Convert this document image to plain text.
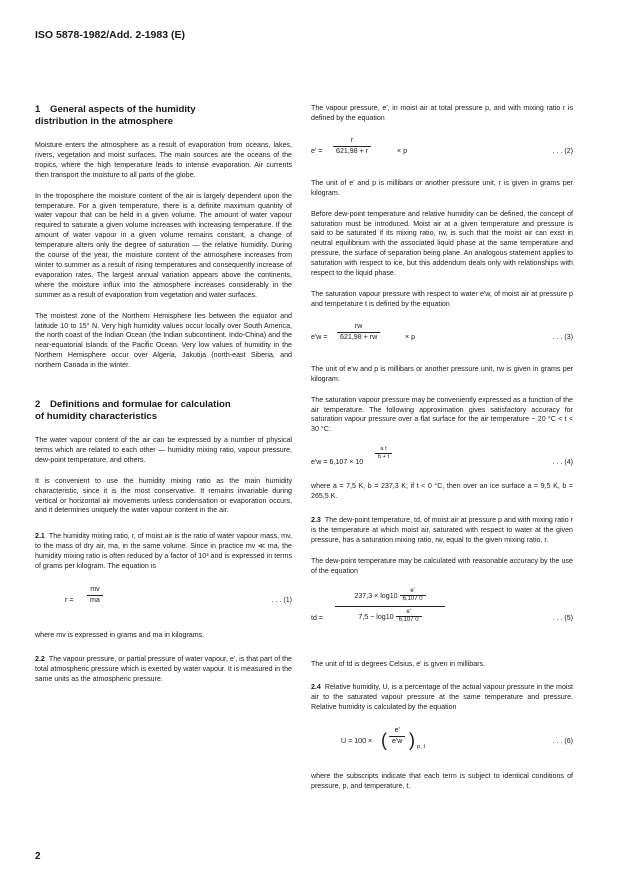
ISO 5878-1982/Add. 2-1983 (E)
1 General aspects of the humidity
distribution in the atmosphere

Moisture enters the atmosphere as a result of evaporation from oceans, lakes, rivers, vegetation and moist surfaces. The main sources are the oceans of the tropics, where the high temperature leads to intense evaporation. Air currents then transport the moisture to all parts of the globe.

In the troposphere the moisture content of the air is largely dependent upon the temperature. For a given temperature, there is a definite maximum quantity of water vapour that can be held in a given volume. The amount of water vapour required to saturate a given volume increases with increasing temperature. If the amount of water vapour in a given volume remains constant, a change of temperature alters only the degree of saturation — the relative humidity. During the course of the year, the moisture content of the atmosphere increases from winter to summer as a result of rising temperatures and consequently increase of evaporation rates. The largest annual variation appears above the continents, where the moisture influx into the atmosphere increases considerably in the summer as a result of evaporation from vegetation and water surfaces.

The moistest zone of the Northern Hemisphere lies between the equator and latitude 10 to 15° N. Very high humidity values occur locally over South America, the north coast of the Indian Ocean (the Indian subcontinent, Indo-China) and the near-equatorial islands of the Pacific Ocean. Very low values of humidity in the Northern Hemisphere occur over Algeria, Jakutija (north-east Siberia, and northern Canada in the winter.

2 Definitions and formulae for calculation
of humidity characteristics

The water vapour content of the air can be expressed by a number of physical terms which are related to each other — humidity mixing ratio, vapour pressure, dew-point temperature, and others.

It is convenient to use the humidity mixing ratio as the main humidity characteristic, since it is the most conservative. It remains invariable during vertical or horizontal air movements unless condensation or evaporation occurs, and it determines uniquely the water vapour content in the air.

2.1 The humidity mixing ratio, r, of moist air is the ratio of water vapour mass, mv, to the mass of dry air, ma, in the same volume. Since in practice mv ≪ ma, the humidity mixing ratio is often reduced by a factor of 10³ and is expressed in terms of grams per kilogram. The equation is

$r = \frac{mv}{ma}$	. . . (1)

where mv is expressed in grams and ma in kilograms.

2.2 The vapour pressure, or partial pressure of water vapour, e', is that part of the total atmospheric pressure which is exerted by water vapour. It is measured in the same units as the atmospheric pressure.

The vapour pressure, e', in moist air at total pressure p, and with mixing ratio r is defined by the equation

$e' = \frac{r}{621,98 + r}$	× p	. . . (2)

The unit of e' and p is millibars or another pressure unit, r is given in grams per kilogram.

Before dew-point temperature and relative humidity can be defined, the concept of saturation must be introduced. Moist air at a given temperature and pressure is said to be saturated if its mixing ratio, rw, is such that the moist air can exist in neutral equilibrium with the associated liquid phase at the same temperature and pressure, the surface of separation being plane. An analogous statement applies to saturation with respect to ice, but this addendum deals only with relationships with respect to the liquid phase.

The saturation vapour pressure with respect to water e'w, of moist air at pressure p and temperature t is defined by the equation

$e'w = \frac{rw}{621,98 + rw}$	× p	. . . (3)

The unit of e'w and p is millibars or another pressure unit, rw is given in grams per kilogram.

The saturation vapour pressure may be conveniently expressed as a function of the air temperature. The following approximation gives satisfactory accuracy for saturation vapour pressure over a flat surface for the air temperature − 20 °C < t < 30 °C:

e'w = 6,107 × 10
$\frac{\text{a t}}{b + t}$
. . . (4)

where a = 7,5 K, b = 237,3 K; if t < 0 °C, then over an ice surface a = 9,5 K, b = 265,5 K.

2.3 The dew-point temperature, td, of moist air at pressure p and with mixing ratio r is the temperature at which moist air, saturated with respect to water at the given pressure, has a saturation mixing ratio, rw, equal to the given mixing ratio, r.

The dew-point temperature may be calculated with reasonable accuracy by the use of the equation

td =
$237,3 \times \log 10 \frac{e'}{6,107 0}$
$7,5 - \log 10 \frac{e'}{6,107 0}$	. . . (5)

The unit of td is degrees Celsius, e' is given in millibars.

2.4 Relative humidity, U, is a percentage of the actual vapour pressure in the moist air to the saturated vapour pressure at the same temperature and pressure. Relative humidity is calculated by the equation

U = 100 × ( $\frac{e'}{e'w}$ ) p, t
. . . (6)

where the subscripts indicate that each term is subject to identical conditions of pressure, p, and temperature, t.

2
